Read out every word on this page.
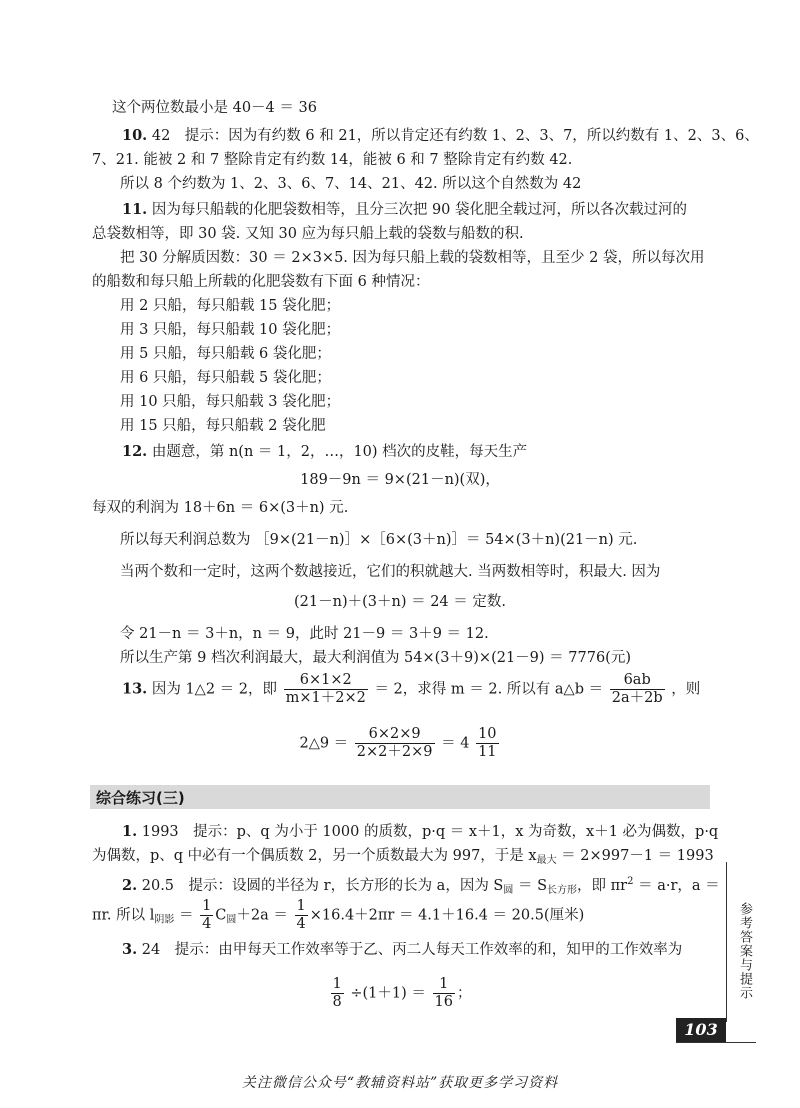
这个两位数最小是 40－4 ＝ 36
10. 42　提示：因为有约数 6 和 21，所以肯定还有约数 1、2、3、7，所以约数有 1、2、3、6、
7、21. 能被 2 和 7 整除肯定有约数 14，能被 6 和 7 整除肯定有约数 42.
所以 8 个约数为 1、2、3、6、7、14、21、42. 所以这个自然数为 42
11. 因为每只船载的化肥袋数相等，且分三次把 90 袋化肥全载过河，所以各次载过河的
总袋数相等，即 30 袋. 又知 30 应为每只船上载的袋数与船数的积.
把 30 分解质因数：30 ＝ 2×3×5. 因为每只船上载的袋数相等，且至少 2 袋，所以每次用
的船数和每只船上所载的化肥袋数有下面 6 种情况：
用 2 只船，每只船载 15 袋化肥；
用 3 只船，每只船载 10 袋化肥；
用 5 只船，每只船载 6 袋化肥；
用 6 只船，每只船载 5 袋化肥；
用 10 只船，每只船载 3 袋化肥；
用 15 只船，每只船载 2 袋化肥
12. 由题意，第 n(n ＝ 1，2，…，10) 档次的皮鞋，每天生产
189－9n ＝ 9×(21－n)(双)，
每双的利润为 18＋6n ＝ 6×(3＋n) 元.
所以每天利润总数为 ［9×(21－n)］×［6×(3＋n)］＝ 54×(3＋n)(21－n) 元.
当两个数和一定时，这两个数越接近，它们的积就越大. 当两数相等时，积最大. 因为
(21－n)＋(3＋n) ＝ 24 ＝ 定数.
令 21－n ＝ 3＋n，n ＝ 9，此时 21－9 ＝ 3＋9 ＝ 12.
所以生产第 9 档次利润最大，最大利润值为 54×(3＋9)×(21－9) ＝ 7776(元)
13. 因为 1△2 ＝ 2，即 $\frac{6\times 1\times 2}{m\times 1+2\times 2} = 2$，求得 m ＝ 2. 所以有 a△b ＝ $\frac{6ab}{2a+2b}$ ，则
2△9 ＝ $\frac{6\times 2\times 9}{2\times 2+2\times 9} = 4 \frac{10}{11}$
综合练习(三)
1. 1993　提示：p、q 为小于 1000 的质数，p·q ＝ x＋1，x 为奇数，x＋1 必为偶数，p·q
为偶数，p、q 中必有一个偶质数 2，另一个质数最大为 997，于是 $x_{最大} = 2\times 997-1 = 1993$
2. 20.5　提示：设圆的半径为 r，长方形的长为 a，因为 $S_圆 = S_{长方形}$，即 $\pi r^2 = a\cdot r$，a ＝
πr. 所以 $l_{阴影} = \frac{1}{4} C_圆+2a = \frac{1}{4} \times 16.4+2\pi r = 4.1+16.4 = 20.5$(厘米)
3. 24　提示：由甲每天工作效率等于乙、丙二人每天工作效率的和，知甲的工作效率为
$\frac{1}{8} \div(1+1) = \frac{1}{16}$ ；	参考答案与提示
103
关注微信公众号“教辅资料站”获取更多学习资料
